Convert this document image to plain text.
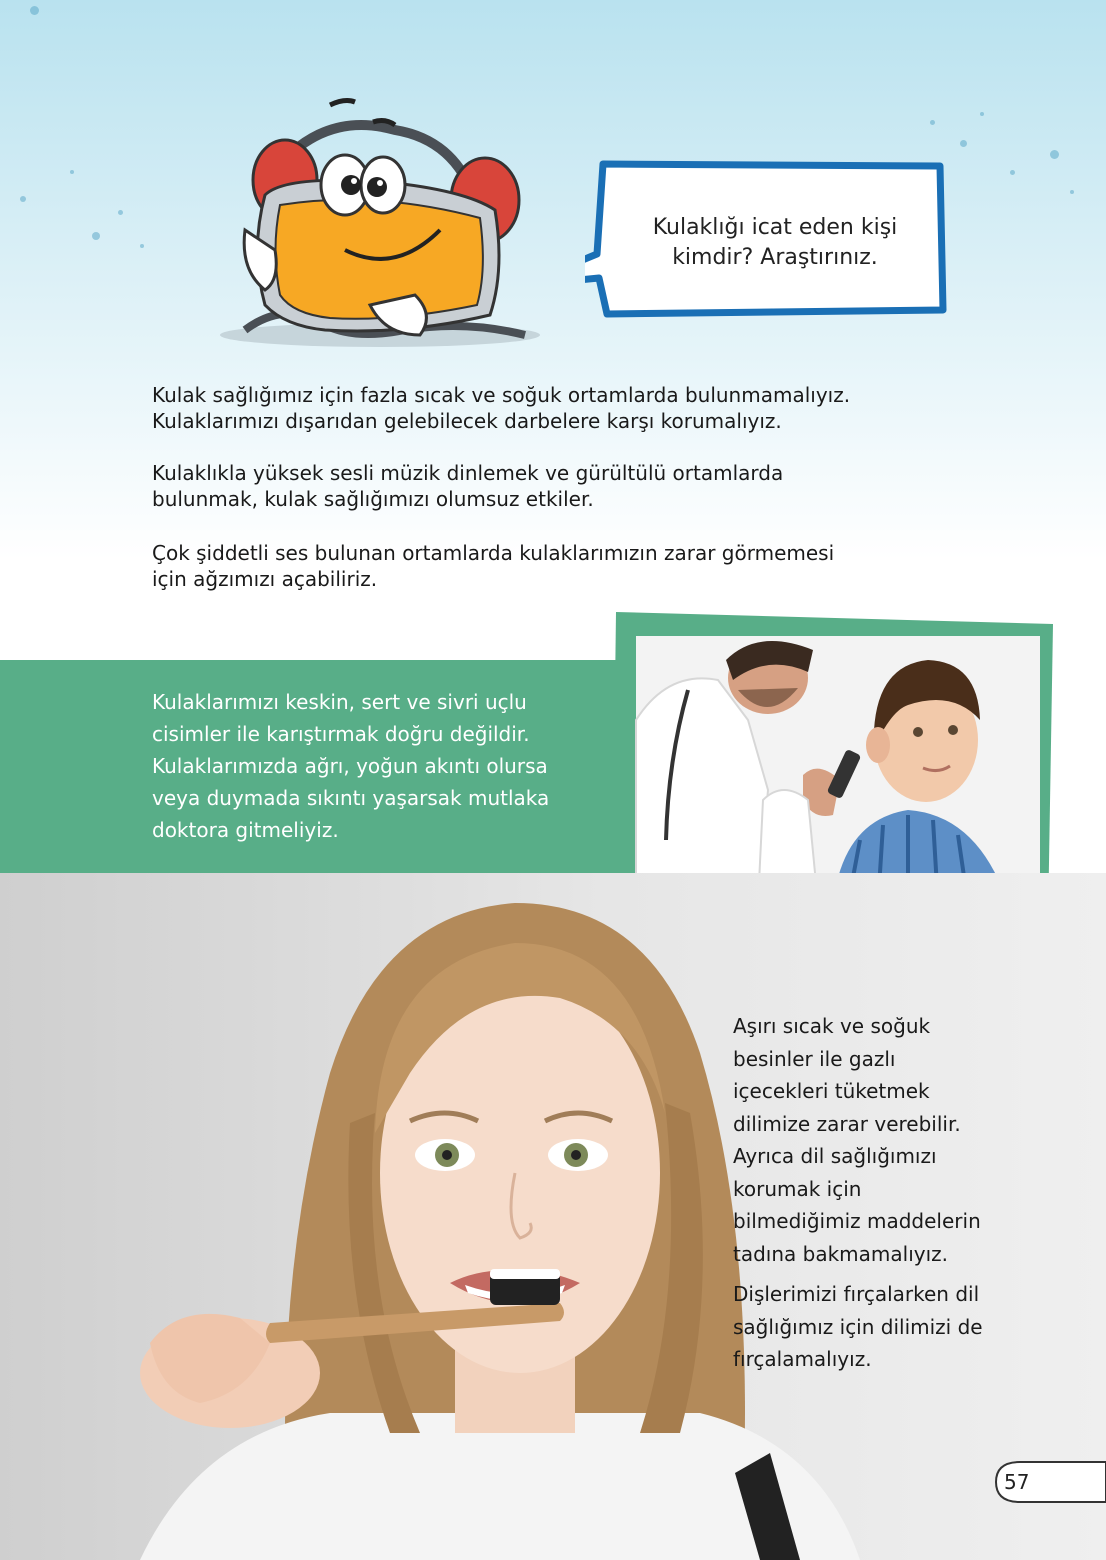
Kulaklığı icat eden kişi
kimdir? Araştırınız.
Kulak sağlığımız için fazla sıcak ve soğuk ortamlarda bulunmamalıyız.
Kulaklarımızı dışarıdan gelebilecek darbelere karşı korumalıyız.
Kulaklıkla yüksek sesli müzik dinlemek ve gürültülü ortamlarda
bulunmak, kulak sağlığımızı olumsuz etkiler.
Çok şiddetli ses bulunan ortamlarda kulaklarımızın zarar görmemesi
için ağzımızı açabiliriz.
Kulaklarımızı keskin, sert ve sivri uçlu
cisimler ile karıştırmak doğru değildir.
Kulaklarımızda ağrı, yoğun akıntı olursa
veya duymada sıkıntı yaşarsak mutlaka
doktora gitmeliyiz.
Aşırı sıcak ve soğuk
besinler ile gazlı
içecekleri tüketmek
dilimize zarar verebilir.
Ayrıca dil sağlığımızı
korumak için
bilmediğimiz maddelerin
tadına bakmamalıyız.
Dişlerimizi fırçalarken dil
sağlığımız için dilimizi de
fırçalamalıyız.
57
